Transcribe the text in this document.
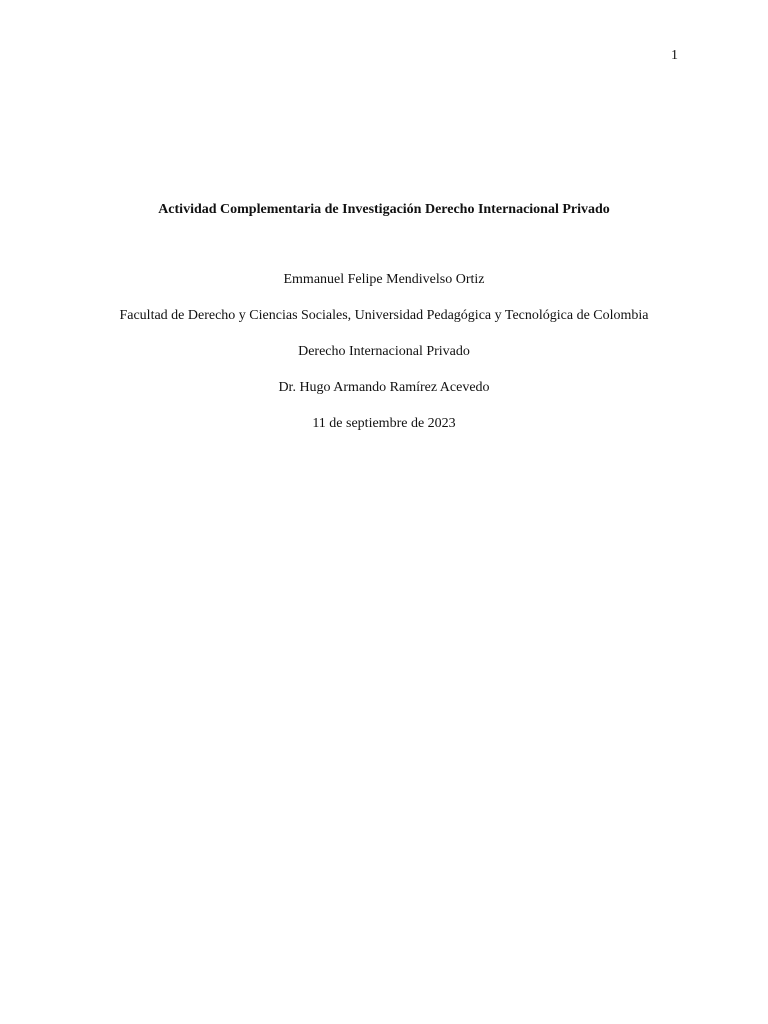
1
Actividad Complementaria de Investigación Derecho Internacional Privado
Emmanuel Felipe Mendivelso Ortiz
Facultad de Derecho y Ciencias Sociales, Universidad Pedagógica y Tecnológica de Colombia
Derecho Internacional Privado
Dr. Hugo Armando Ramírez Acevedo
11 de septiembre de 2023
